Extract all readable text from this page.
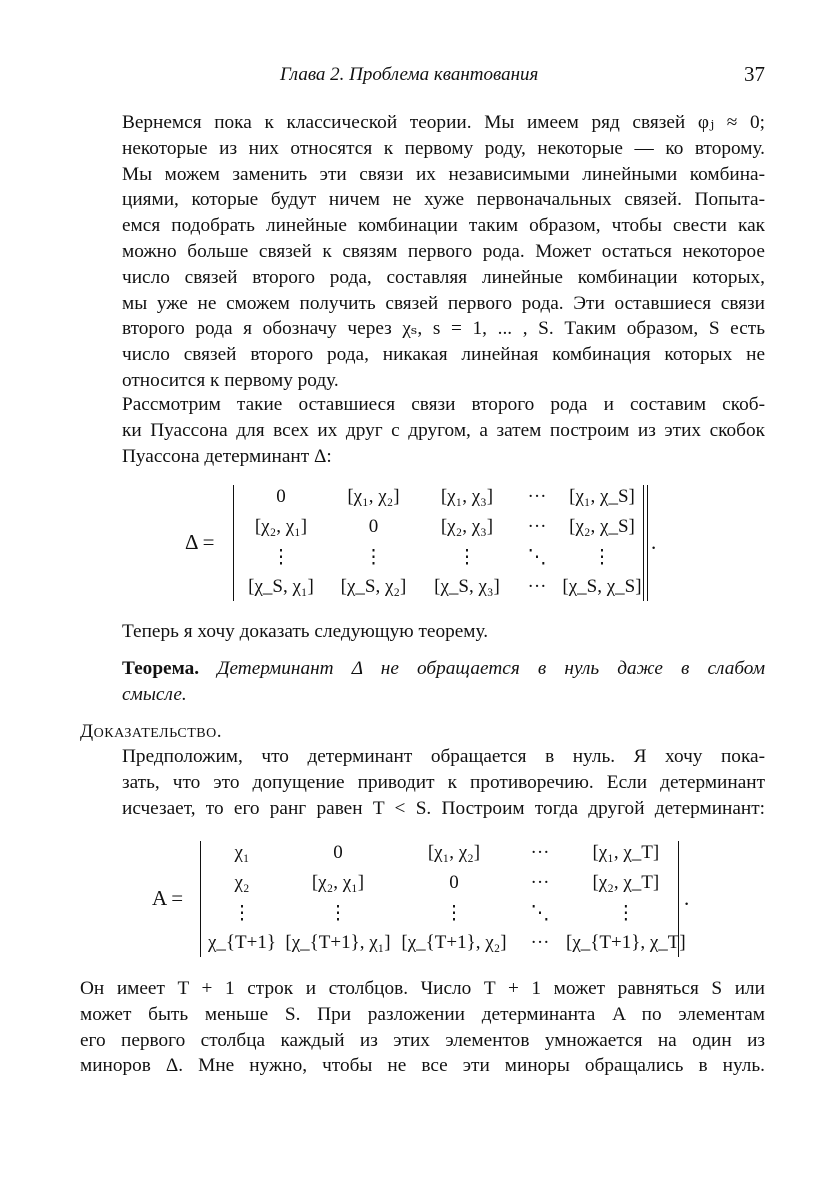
Глава 2. Проблема квантования	37

Вернемся пока к классической теории. Мы имеем ряд связей φⱼ ≈ 0;
некоторые из них относятся к первому роду, некоторые — ко второму.
Мы можем заменить эти связи их независимыми линейными комбина-
циями, которые будут ничем не хуже первоначальных связей. Попыта-
емся подобрать линейные комбинации таким образом, чтобы свести как
можно больше связей к связям первого рода. Может остаться некоторое
число связей второго рода, составляя линейные комбинации которых,
мы уже не сможем получить связей первого рода. Эти оставшиеся связи
второго рода я обозначу через χₛ, s = 1, ... , S. Таким образом, S есть
число связей второго рода, никакая линейная комбинация которых не
относится к первому роду.

Рассмотрим такие оставшиеся связи второго рода и составим скоб-
ки Пуассона для всех их друг с другом, а затем построим из этих скобок
Пуассона детерминант Δ:

Δ =
0	[χ₁, χ₂]	[χ₁, χ₃]	···	[χ₁, χ_S]
[χ₂, χ₁]	0	[χ₂, χ₃]	···	[χ₂, χ_S]
⋮	⋮	⋮	⋱	⋮
[χ_S, χ₁]	[χ_S, χ₂]	[χ_S, χ₃]	···	[χ_S, χ_S]
.

Теперь я хочу доказать следующую теорему.

Теорема. Детерминант Δ не обращается в нуль даже в слабом
смысле.

Доказательство.

Предположим, что детерминант обращается в нуль. Я хочу пока-
зать, что это допущение приводит к противоречию. Если детерминант
исчезает, то его ранг равен T < S. Построим тогда другой детерминант:

A =
χ₁	0	[χ₁, χ₂]	···	[χ₁, χ_T]
χ₂	[χ₂, χ₁]	0	···	[χ₂, χ_T]
⋮	⋮	⋮	⋱	⋮
χ_{T+1}	[χ_{T+1}, χ₁]	[χ_{T+1}, χ₂]	···	[χ_{T+1}, χ_T]
.

Он имеет T + 1 строк и столбцов. Число T + 1 может равняться S или
может быть меньше S. При разложении детерминанта A по элементам
его первого столбца каждый из этих элементов умножается на один из
миноров Δ. Мне нужно, чтобы не все эти миноры обращались в нуль.
